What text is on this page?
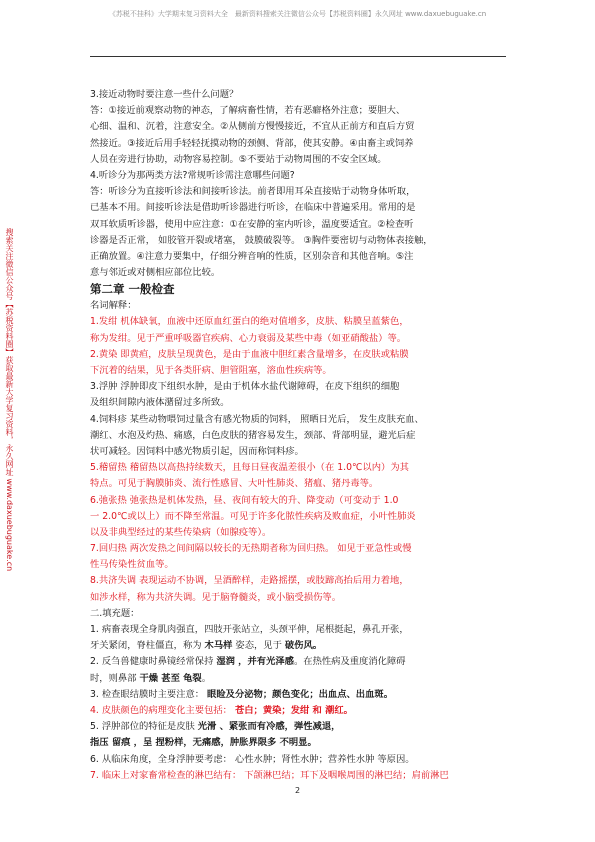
《苏税不挂科》大学期末复习资料大全　最新资料搜索关注微信公众号【苏税资料圈】永久网址 www.daxuebuguake.cn
搜索关注微信公众号【苏税资料圈】获取最新大学复习资料，永久网址 www.daxuebuguake.cn
3.接近动物时要注意一些什么问题？
答：①接近前观察动物的神态，了解病畜性情，若有恶癖格外注意；要胆大、
心细、温和、沉着，注意安全。②从侧前方慢慢接近，不宜从正前方和直后方贸
然接近。③接近后用手轻轻抚摸动物的颈侧、背部，使其安静。④由畜主或饲养
人员在旁进行协助，动物容易控制。⑤不要站于动物周围的不安全区域。
4.听诊分为那两类方法?常规听诊需注意哪些问题?
答：听诊分为直接听诊法和间接听诊法。前者即用耳朵直接贴于动物身体听取，
已基本不用。间接听诊法是借助听诊器进行听诊，在临床中普遍采用。常用的是
双耳软质听诊器，使用中应注意：①在安静的室内听诊，温度要适宜。②检查听
诊器是否正常， 如胶管开裂或堵塞， 鼓膜破裂等。 ③胸件要密切与动物体表接触，
正确放置。④注意力要集中，仔细分辨音响的性质，区别杂音和其他音响。⑤注
意与邻近或对侧相应部位比较。
第二章 一般检查
名词解释：
1.发绀 机体缺氧，血液中还原血红蛋白的绝对值增多，皮肤、粘膜呈蓝紫色，
称为发绀。见于严重呼吸器官疾病、心力衰弱及某些中毒（如亚硝酸盐）等。
2.黄染 即黄疸，皮肤呈现黄色，是由于血液中胆红素含量增多，在皮肤或粘膜
下沉着的结果，见于各类肝病、胆管阻塞，溶血性疾病等。
3.浮肿 浮肿即皮下组织水肿，是由于机体水盐代谢障碍，在皮下组织的细胞
及组织间隙内液体潴留过多所致。
4.饲料疹 某些动物喂饲过量含有感光物质的饲料， 照晒日光后， 发生皮肤充血、
潮红、水泡及灼热、痛感，白色皮肤的猪容易发生，颈部、背部明显，避光后症
状可减轻。因饲料中感光物质引起，因而称饲料疹。
5.稽留热 稽留热以高热持续数天，且每日昼夜温差很小（在 1.0℃以内）为其
特点。可见于胸膜肺炎、流行性感冒、大叶性肺炎、猪瘟、猪丹毒等。
6.弛张热 弛张热是机体发热，昼、夜间有较大的升、降变动（可变动于 1.0
一 2.0℃或以上）而不降至常温。可见于许多化脓性疾病及败血症，小叶性肺炎
以及非典型经过的某些传染病（如腺疫等）。
7.回归热 两次发热之间间隔以较长的无热期者称为回归热。 如见于亚急性或慢
性马传染性贫血等。
8.共济失调 表现运动不协调，呈酒醉样，走路摇摆，或肢蹄高抬后用力着地，
如涉水样，称为共济失调。见于脑脊髓炎，或小脑受损伤等。
二.填充题：
1. 病畜表现全身肌肉强直，四肢开张站立，头颈平伸，尾根挺起，鼻孔开张，
牙关紧闭，脊柱僵直，称为 木马样 姿态，见于 破伤风。
2. 反刍兽健康时鼻镜经常保持 湿润 ，并有光泽感。在热性病及重度消化障碍
时，则鼻部 干燥 甚至 龟裂。
3. 检查眼结膜时主要注意： 眼睑及分泌物；颜色变化；出血点、出血斑。
4. 皮肤颜色的病理变化主要包括： 苍白；黄染；发绀 和 潮红。
5. 浮肿部位的特征是皮肤 光滑 、紧张而有冷感，弹性减退，
指压 留痕 ，呈 捏粉样，无痛感，肿胀界限多 不明显。
6. 从临床角度，全身浮肿要考虑： 心性水肿；肾性水肿；营养性水肿 等原因。
7. 临床上对家畜常检查的淋巴结有： 下颌淋巴结；耳下及咽喉周围的淋巴结；肩前淋巴
2
